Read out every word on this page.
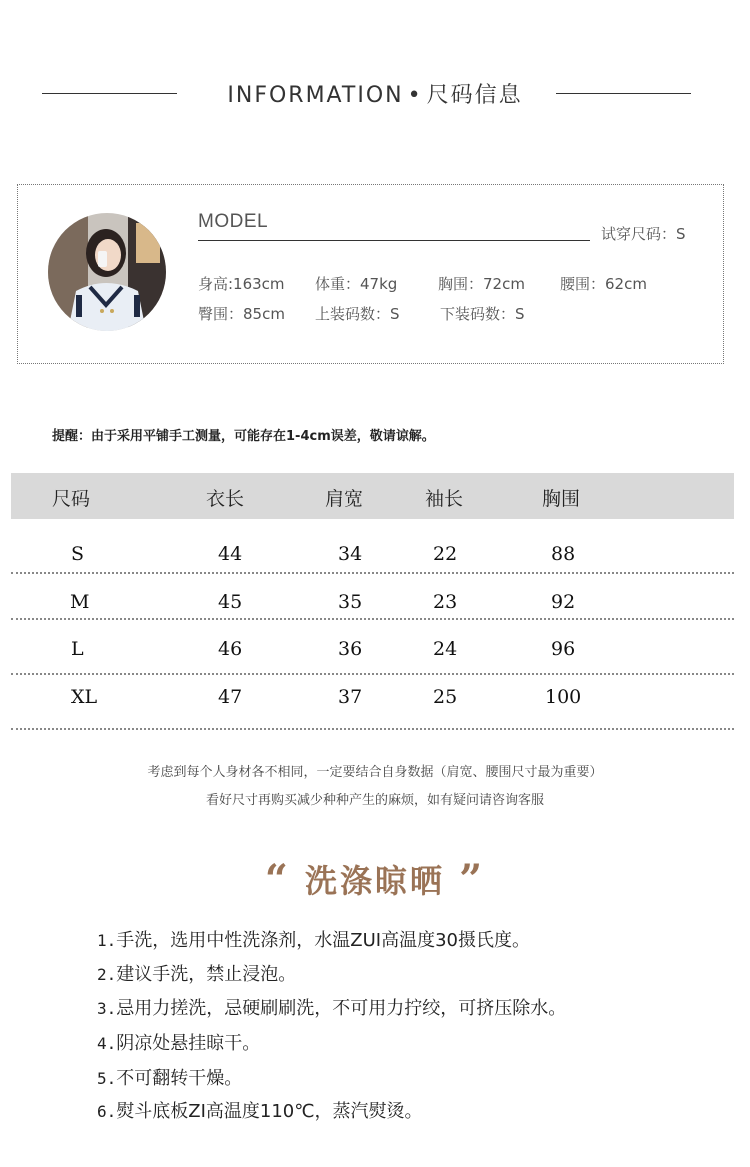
INFORMATION • 尺码信息
MODEL
试穿尺码：S
身高:163cm 体重：47kg	胸围：72cm 腰围：62cm
臀围：85cm 上装码数：S	下装码数：S
提醒：由于采用平铺手工测量，可能存在1-4cm误差，敬请谅解。
尺码	衣长	肩宽	袖长	胸围
S	44	34	22	88
M	45	35	23	92
L	46	36	24	96
XL	47	37	25	100
考虑到每个人身材各不相同，一定要结合自身数据（肩宽、腰围尺寸最为重要）
看好尺寸再购买减少种种产生的麻烦，如有疑问请咨询客服
“ 洗涤晾晒 ”
1.手洗，选用中性洗涤剂，水温ZUI高温度30摄氏度。
2.建议手洗，禁止浸泡。
3.忌用力搓洗，忌硬刷刷洗，不可用力拧绞，可挤压除水。
4.阴凉处悬挂晾干。
5.不可翻转干燥。
6.熨斗底板ZI高温度110℃，蒸汽熨烫。
